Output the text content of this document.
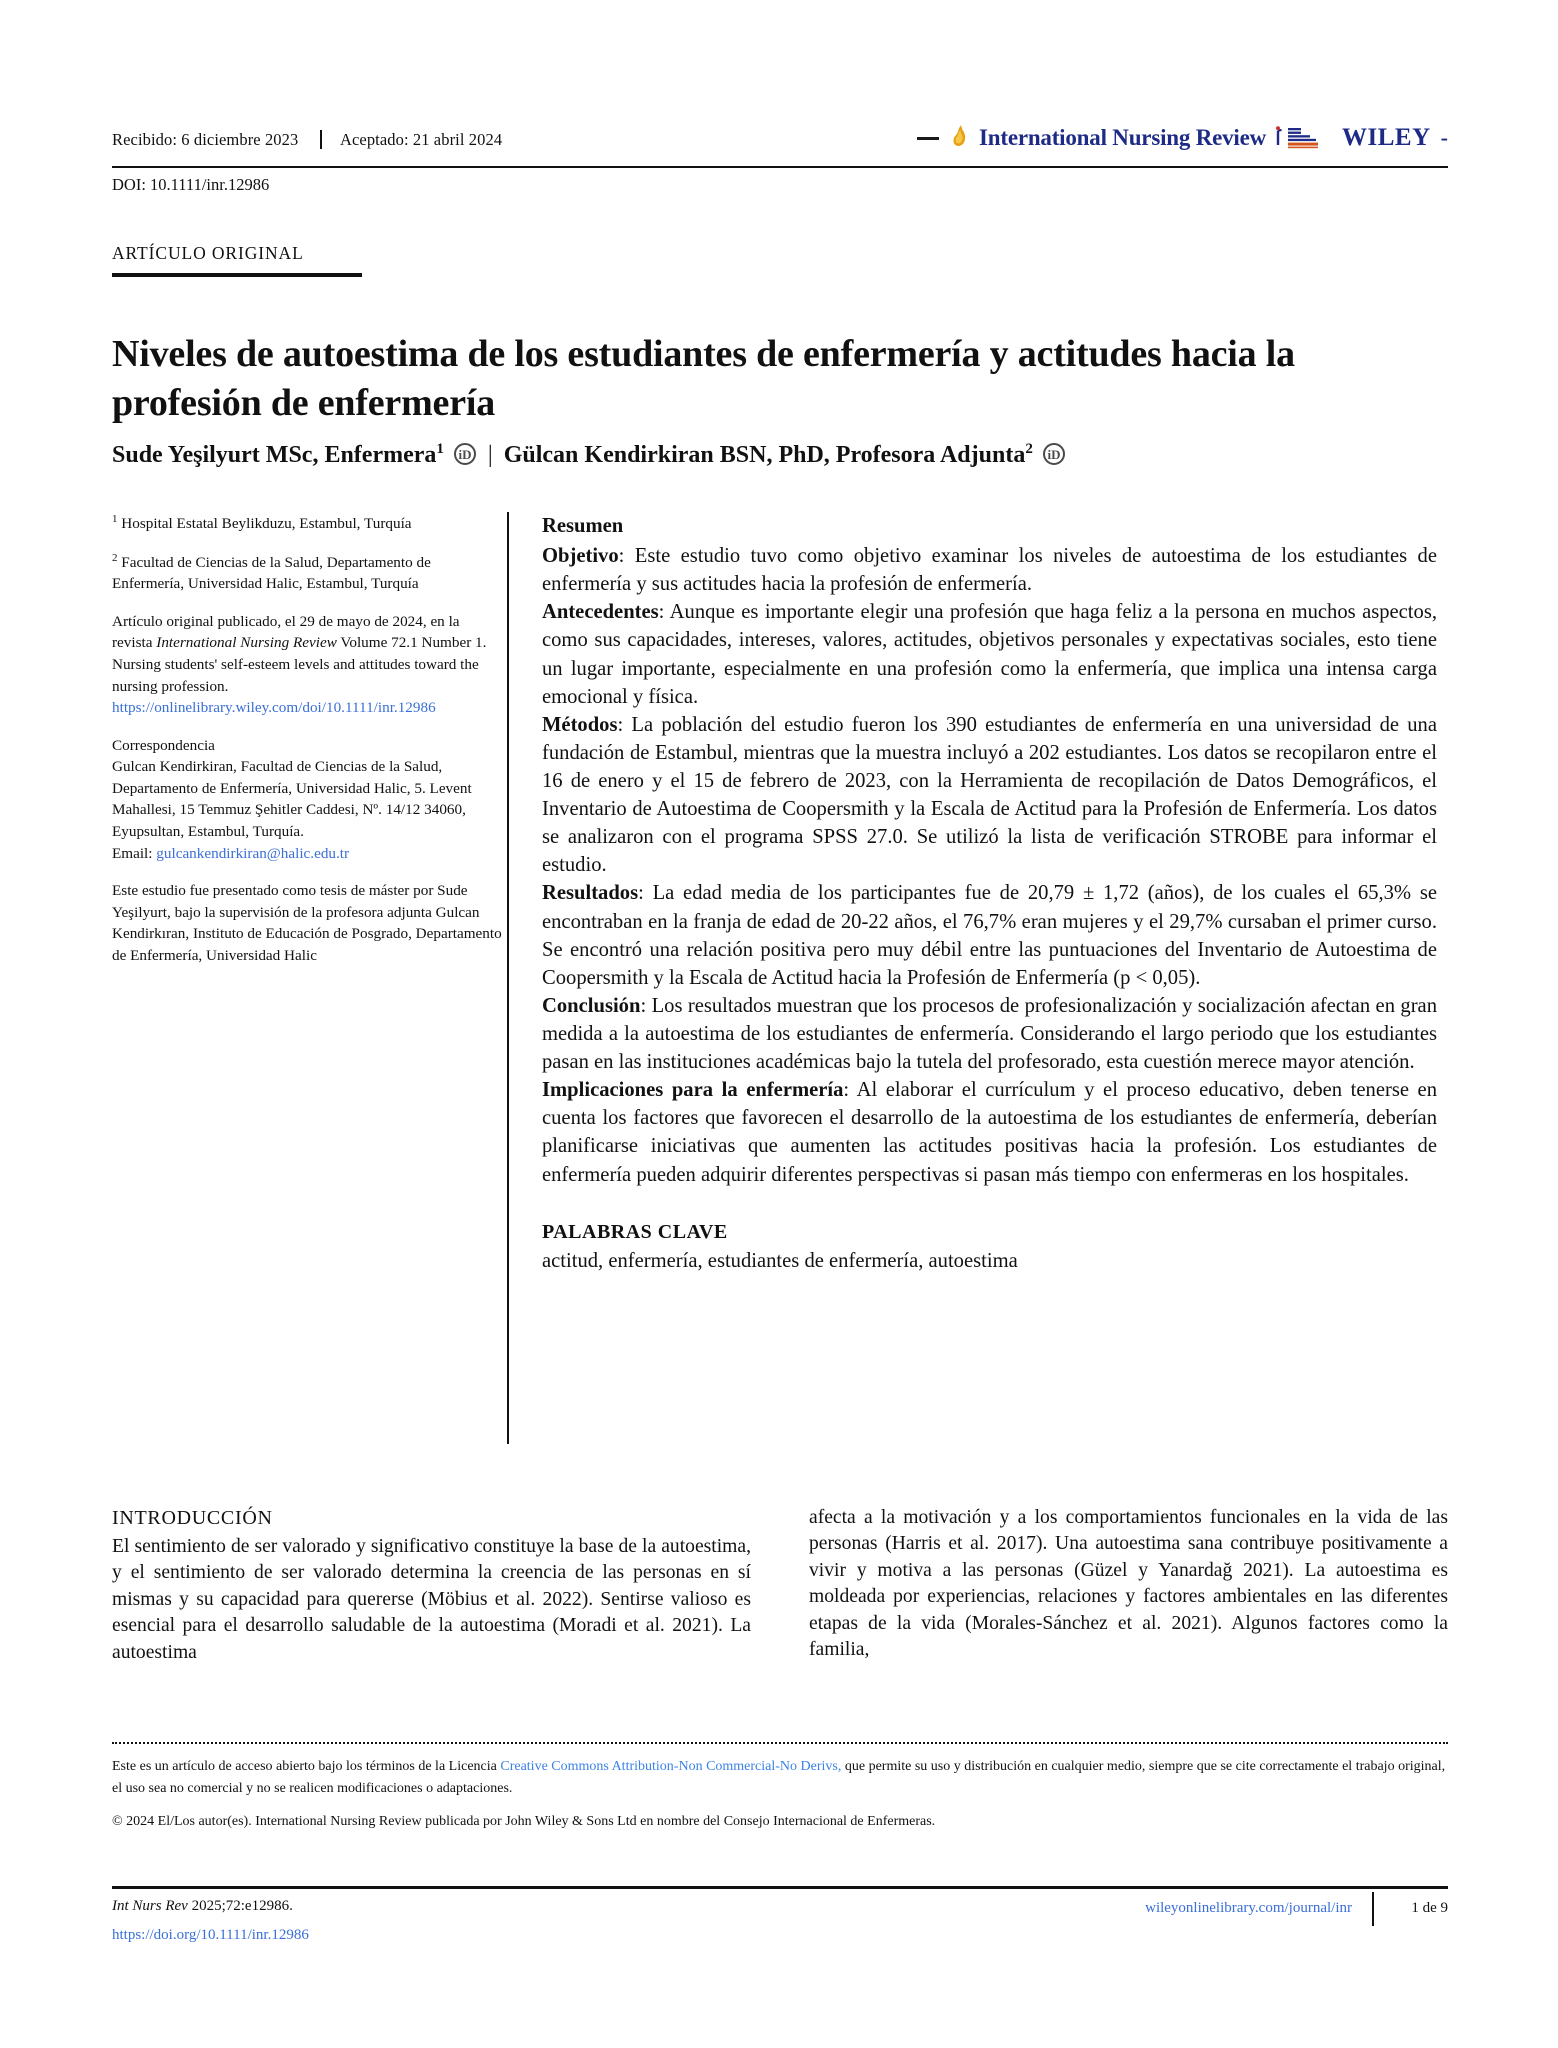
Recibido: 6 diciembre 2023	Aceptado: 21 abril 2024	International Nursing Review	WILEY -
DOI: 10.1111/inr.12986
ARTÍCULO ORIGINAL
Niveles de autoestima de los estudiantes de enfermería y actitudes hacia la profesión de enfermería
Sude Yeşilyurt MSc, Enfermera$^1$ iD | Gülcan Kendirkiran BSN, PhD, Profesora Adjunta$^2$ iD

$^1$ Hospital Estatal Beylikduzu, Estambul, Turquía

$^2$ Facultad de Ciencias de la Salud, Departamento de Enfermería, Universidad Halic, Estambul, Turquía

Artículo original publicado, el 29 de mayo de 2024, en la revista International Nursing Review Volume 72.1 Number 1. Nursing students' self-esteem levels and attitudes toward the nursing profession.
https://onlinelibrary.wiley.com/doi/10.1111/inr.12986

Correspondencia
Gulcan Kendirkiran, Facultad de Ciencias de la Salud, Departamento de Enfermería, Universidad Halic, 5. Levent Mahallesi, 15 Temmuz Şehitler Caddesi, Nº. 14/12 34060, Eyupsultan, Estambul, Turquía.
Email: gulcankendirkiran@halic.edu.tr

Este estudio fue presentado como tesis de máster por Sude Yeşilyurt, bajo la supervisión de la profesora adjunta Gulcan Kendirkıran, Instituto de Educación de Posgrado, Departamento de Enfermería, Universidad Halic

Resumen

Objetivo: Este estudio tuvo como objetivo examinar los niveles de autoestima de los estudiantes de enfermería y sus actitudes hacia la profesión de enfermería.

Antecedentes: Aunque es importante elegir una profesión que haga feliz a la persona en muchos aspectos, como sus capacidades, intereses, valores, actitudes, objetivos personales y expectativas sociales, esto tiene un lugar importante, especialmente en una profesión como la enfermería, que implica una intensa carga emocional y física.

Métodos: La población del estudio fueron los 390 estudiantes de enfermería en una universidad de una fundación de Estambul, mientras que la muestra incluyó a 202 estudiantes. Los datos se recopilaron entre el 16 de enero y el 15 de febrero de 2023, con la Herramienta de recopilación de Datos Demográficos, el Inventario de Autoestima de Coopersmith y la Escala de Actitud para la Profesión de Enfermería. Los datos se analizaron con el programa SPSS 27.0. Se utilizó la lista de verificación STROBE para informar el estudio.

Resultados: La edad media de los participantes fue de 20,79 ± 1,72 (años), de los cuales el 65,3% se encontraban en la franja de edad de 20-22 años, el 76,7% eran mujeres y el 29,7% cursaban el primer curso. Se encontró una relación positiva pero muy débil entre las puntuaciones del Inventario de Autoestima de Coopersmith y la Escala de Actitud hacia la Profesión de Enfermería (p < 0,05).

Conclusión: Los resultados muestran que los procesos de profesionalización y socialización afectan en gran medida a la autoestima de los estudiantes de enfermería. Considerando el largo periodo que los estudiantes pasan en las instituciones académicas bajo la tutela del profesorado, esta cuestión merece mayor atención.

Implicaciones para la enfermería: Al elaborar el currículum y el proceso educativo, deben tenerse en cuenta los factores que favorecen el desarrollo de la autoestima de los estudiantes de enfermería, deberían planificarse iniciativas que aumenten las actitudes positivas hacia la profesión. Los estudiantes de enfermería pueden adquirir diferentes perspectivas si pasan más tiempo con enfermeras en los hospitales.

PALABRAS CLAVE

actitud, enfermería, estudiantes de enfermería, autoestima

INTRODUCCIÓN

El sentimiento de ser valorado y significativo constituye la base de la autoestima, y el sentimiento de ser valorado determina la creencia de las personas en sí mismas y su capacidad para quererse (Möbius et al. 2022). Sentirse valioso es esencial para el desarrollo saludable de la autoestima (Moradi et al. 2021). La autoestima

afecta a la motivación y a los comportamientos funcionales en la vida de las personas (Harris et al. 2017). Una autoestima sana contribuye positivamente a vivir y motiva a las personas (Güzel y Yanardağ 2021). La autoestima es moldeada por experiencias, relaciones y factores ambientales en las diferentes etapas de la vida (Morales-Sánchez et al. 2021). Algunos factores como la familia,

Este es un artículo de acceso abierto bajo los términos de la Licencia Creative Commons Attribution-Non Commercial-No Derivs, que permite su uso y distribución en cualquier medio, siempre que se cite correctamente el trabajo original, el uso sea no comercial y no se realicen modificaciones o adaptaciones.

© 2024 El/Los autor(es). International Nursing Review publicada por John Wiley & Sons Ltd en nombre del Consejo Internacional de Enfermeras.

Int Nurs Rev 2025;72:e12986.
https://doi.org/10.1111/inr.12986
wileyonlinelibrary.com/journal/inr	1 de 9
